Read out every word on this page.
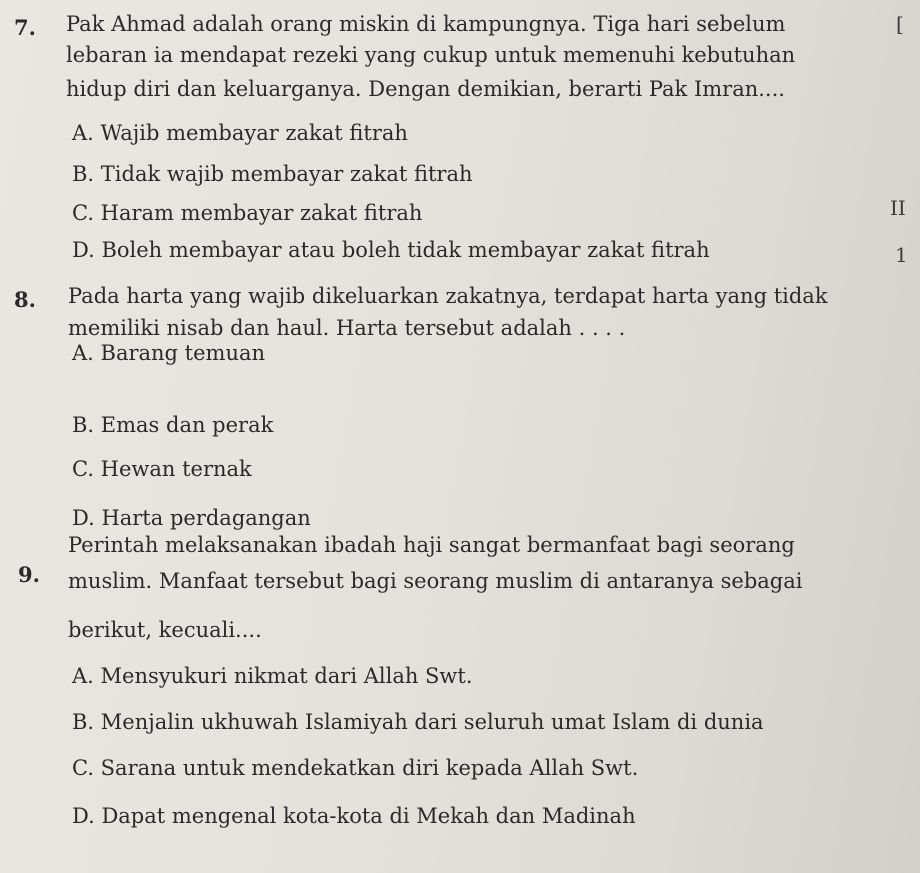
7. Pak Ahmad adalah orang miskin di kampungnya. Tiga hari sebelum
lebaran ia mendapat rezeki yang cukup untuk memenuhi kebutuhan
hidup diri dan keluarganya. Dengan demikian, berarti Pak Imran....
A. Wajib membayar zakat fitrah
B. Tidak wajib membayar zakat fitrah
C. Haram membayar zakat fitrah
D. Boleh membayar atau boleh tidak membayar zakat fitrah
8. Pada harta yang wajib dikeluarkan zakatnya, terdapat harta yang tidak
memiliki nisab dan haul. Harta tersebut adalah . . . .
A. Barang temuan
B. Emas dan perak
C. Hewan ternak
D. Harta perdagangan
9.
Perintah melaksanakan ibadah haji sangat bermanfaat bagi seorang
muslim. Manfaat tersebut bagi seorang muslim di antaranya sebagai
berikut, kecuali....
A. Mensyukuri nikmat dari Allah Swt.
B. Menjalin ukhuwah Islamiyah dari seluruh umat Islam di dunia
C. Sarana untuk mendekatkan diri kepada Allah Swt.
D. Dapat mengenal kota-kota di Mekah dan Madinah
[
II
1
